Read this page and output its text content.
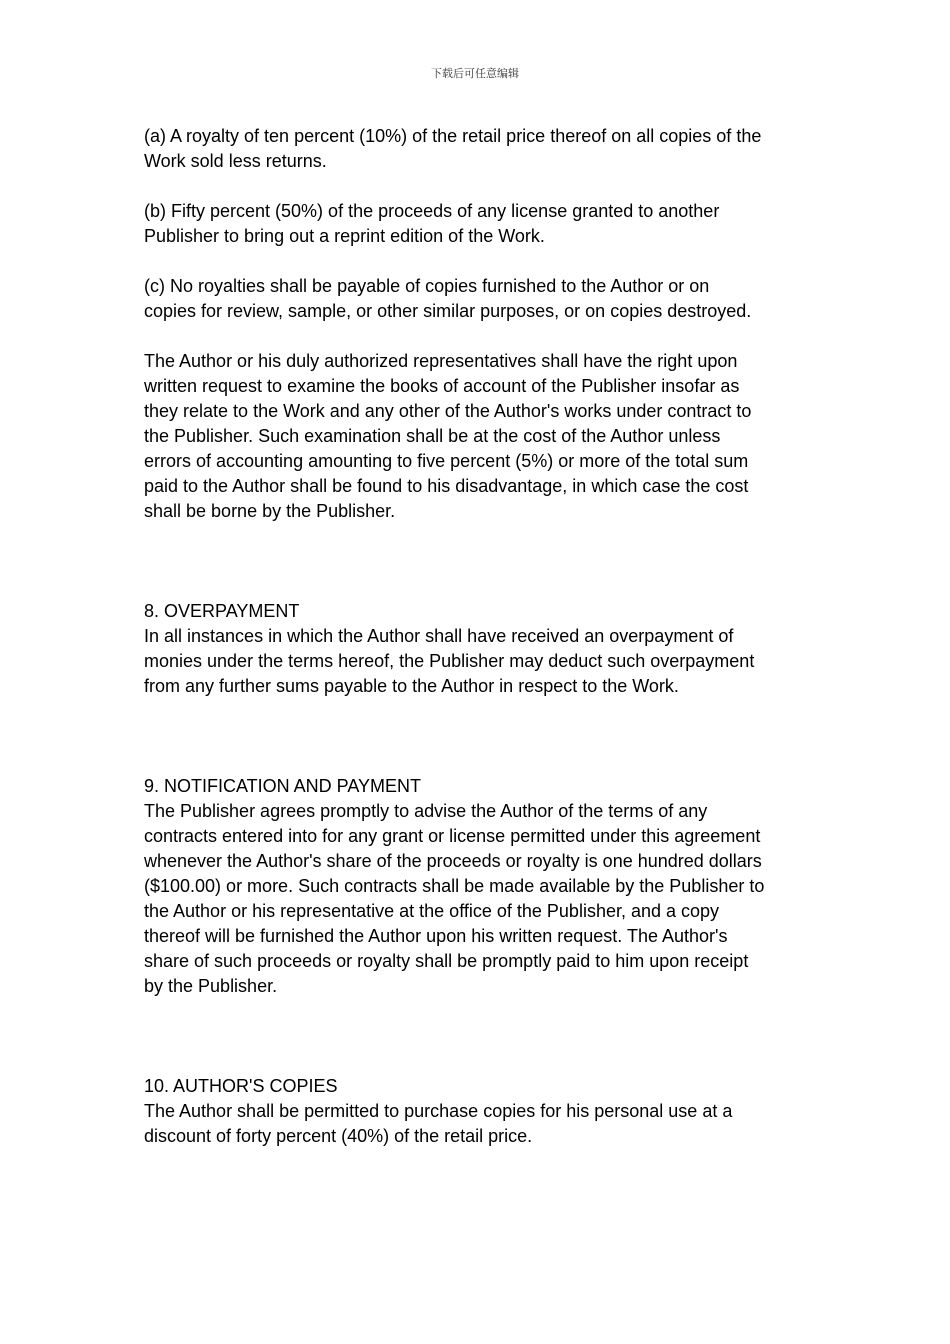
下载后可任意编辑

(a) A royalty of ten percent (10%) of the retail price thereof on all copies of the
Work sold less returns.

(b) Fifty percent (50%) of the proceeds of any license granted to another
Publisher to bring out a reprint edition of the Work.

(c) No royalties shall be payable of copies furnished to the Author or on
copies for review, sample, or other similar purposes, or on copies destroyed.

The Author or his duly authorized representatives shall have the right upon
written request to examine the books of account of the Publisher insofar as
they relate to the Work and any other of the Author's works under contract to
the Publisher. Such examination shall be at the cost of the Author unless
errors of accounting amounting to five percent (5%) or more of the total sum
paid to the Author shall be found to his disadvantage, in which case the cost
shall be borne by the Publisher.

8. OVERPAYMENT

In all instances in which the Author shall have received an overpayment of
monies under the terms hereof, the Publisher may deduct such overpayment
from any further sums payable to the Author in respect to the Work.

9. NOTIFICATION AND PAYMENT

The Publisher agrees promptly to advise the Author of the terms of any
contracts entered into for any grant or license permitted under this agreement
whenever the Author's share of the proceeds or royalty is one hundred dollars
($100.00) or more. Such contracts shall be made available by the Publisher to
the Author or his representative at the office of the Publisher, and a copy
thereof will be furnished the Author upon his written request. The Author's
share of such proceeds or royalty shall be promptly paid to him upon receipt
by the Publisher.

10. AUTHOR'S COPIES

The Author shall be permitted to purchase copies for his personal use at a
discount of forty percent (40%) of the retail price.
